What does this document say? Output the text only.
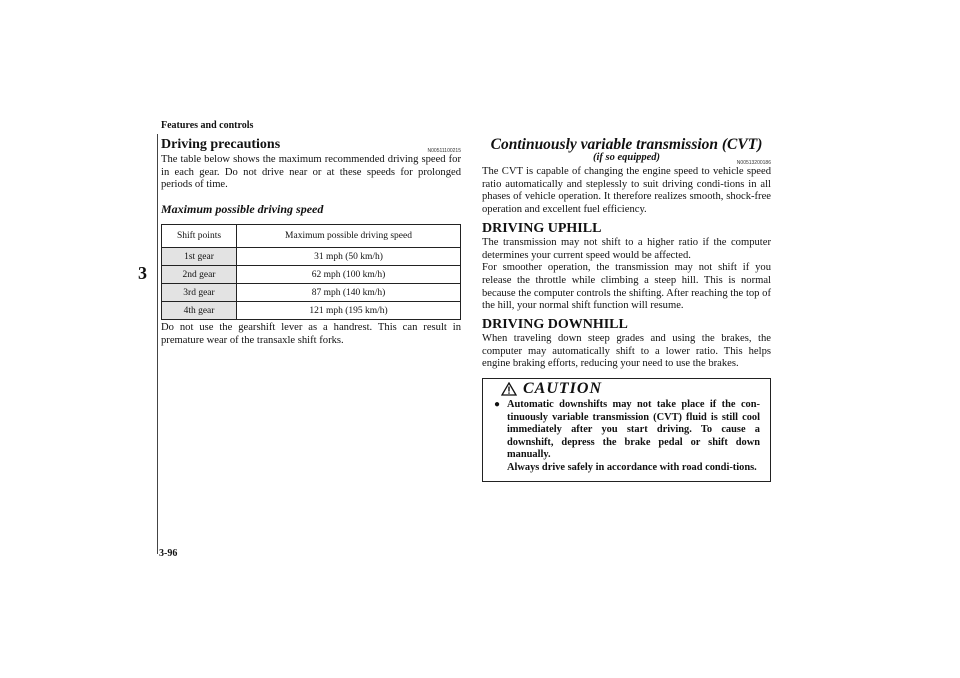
Features and controls
3
3-96
Driving precautions	N00511100215

The table below shows the maximum recommended driving speed for in each gear. Do not drive near or at these speeds for prolonged periods of time.

Maximum possible driving speed
Shift points	Maximum possible driving speed
1st gear	31 mph (50 km/h)
2nd gear	62 mph (100 km/h)
3rd gear	87 mph (140 km/h)
4th gear	121 mph (195 km/h)

Do not use the gearshift lever as a handrest. This can result in premature wear of the transaxle shift forks.

Continuously variable transmission (CVT)
(if so equipped)	N00513200186

The CVT is capable of changing the engine speed to vehicle speed ratio automatically and steplessly to suit driving condi-tions in all phases of vehicle operation. It therefore realizes smooth, shock-free operation and excellent fuel efficiency.

DRIVING UPHILL

The transmission may not shift to a higher ratio if the computer determines your current speed would be affected.

For smoother operation, the transmission may not shift if you release the throttle while climbing a steep hill. This is normal because the computer controls the shifting. After reaching the top of the hill, your normal shift function will resume.

DRIVING DOWNHILL

When traveling down steep grades and using the brakes, the computer may automatically shift to a lower ratio. This helps engine braking efforts, reducing your need to use the brakes.

CAUTION
● Automatic downshifts may not take place if the con-tinuously variable transmission (CVT) fluid is still cool immediately after you start driving. To cause a downshift, depress the brake pedal or shift down manually.
Always drive safely in accordance with road condi-tions.
